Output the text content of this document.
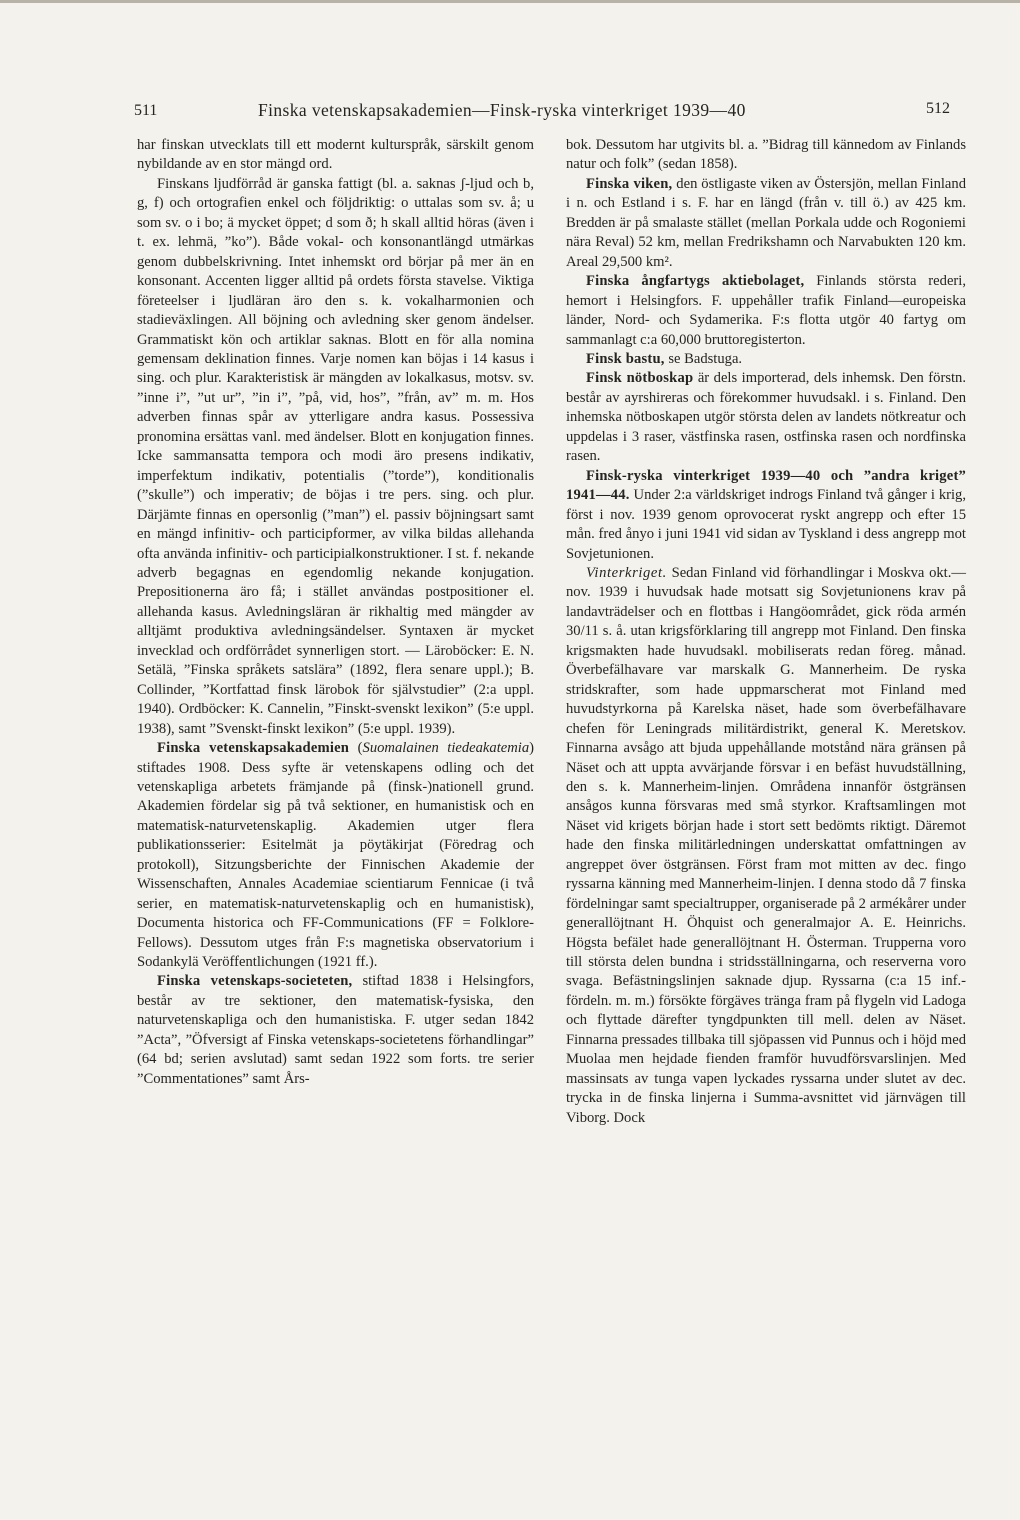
511	Finska vetenskapsakademien—Finsk-ryska vinterkriget 1939—40	512

har finskan utvecklats till ett modernt kulturspråk, särskilt genom nybildande av en stor mängd ord.

Finskans ljudförråd är ganska fattigt (bl. a. saknas ʃ-ljud och b, g, f) och ortografien enkel och följdriktig: o uttalas som sv. å; u som sv. o i bo; ä mycket öppet; d som ð; h skall alltid höras (även i t. ex. lehmä, ”ko”). Både vokal- och konsonantlängd utmärkas genom dubbelskrivning. Intet inhemskt ord börjar på mer än en konsonant. Accenten ligger alltid på ordets första stavelse. Viktiga företeelser i ljudläran äro den s. k. vokalharmonien och stadieväxlingen. All böjning och avledning sker genom ändelser. Grammatiskt kön och artiklar saknas. Blott en för alla nomina gemensam deklination finnes. Varje nomen kan böjas i 14 kasus i sing. och plur. Karakteristisk är mängden av lokalkasus, motsv. sv. ”inne i”, ”ut ur”, ”in i”, ”på, vid, hos”, ”från, av” m. m. Hos adverben finnas spår av ytterligare andra kasus. Possessiva pronomina ersättas vanl. med ändelser. Blott en konjugation finnes. Icke sammansatta tempora och modi äro presens indikativ, imperfektum indikativ, potentialis (”torde”), konditionalis (”skulle”) och imperativ; de böjas i tre pers. sing. och plur. Därjämte finnas en opersonlig (”man”) el. passiv böjningsart samt en mängd infinitiv- och participformer, av vilka bildas allehanda ofta använda infinitiv- och participialkonstruktioner. I st. f. nekande adverb begagnas en egendomlig nekande konjugation. Prepositionerna äro få; i stället användas postpositioner el. allehanda kasus. Avledningsläran är rikhaltig med mängder av alltjämt produktiva avledningsändelser. Syntaxen är mycket invecklad och ordförrådet synnerligen stort. — Läroböcker: E. N. Setälä, ”Finska språkets satslära” (1892, flera senare uppl.); B. Collinder, ”Kortfattad finsk lärobok för självstudier” (2:a uppl. 1940). Ordböcker: K. Cannelin, ”Finskt-svenskt lexikon” (5:e uppl. 1938), samt ”Svenskt-finskt lexikon” (5:e uppl. 1939).

Finska vetenskapsakademien (Suomalainen tiedeakatemia) stiftades 1908. Dess syfte är vetenskapens odling och det vetenskapliga arbetets främjande på (finsk-)nationell grund. Akademien fördelar sig på två sektioner, en humanistisk och en matematisk-naturvetenskaplig. Akademien utger flera publikationsserier: Esitelmät ja pöytäkirjat (Föredrag och protokoll), Sitzungsberichte der Finnischen Akademie der Wissenschaften, Annales Academiae scientiarum Fennicae (i två serier, en matematisk-naturvetenskaplig och en humanistisk), Documenta historica och FF-Communications (FF = Folklore-Fellows). Dessutom utges från F:s magnetiska observatorium i Sodankylä Veröffentlichungen (1921 ff.).

Finska vetenskaps-societeten, stiftad 1838 i Helsingfors, består av tre sektioner, den matematisk-fysiska, den naturvetenskapliga och den humanistiska. F. utger sedan 1842 ”Acta”, ”Öfversigt af Finska vetenskaps-societetens förhandlingar” (64 bd; serien avslutad) samt sedan 1922 som forts. tre serier ”Commentationes” samt Års-

bok. Dessutom har utgivits bl. a. ”Bidrag till kännedom av Finlands natur och folk” (sedan 1858).

Finska viken, den östligaste viken av Östersjön, mellan Finland i n. och Estland i s. F. har en längd (från v. till ö.) av 425 km. Bredden är på smalaste stället (mellan Porkala udde och Rogoniemi nära Reval) 52 km, mellan Fredrikshamn och Narvabukten 120 km. Areal 29,500 km².

Finska ångfartygs aktiebolaget, Finlands största rederi, hemort i Helsingfors. F. uppehåller trafik Finland—europeiska länder, Nord- och Sydamerika. F:s flotta utgör 40 fartyg om sammanlagt c:a 60,000 bruttoregisterton.

Finsk bastu, se Badstuga.

Finsk nötboskap är dels importerad, dels inhemsk. Den förstn. består av ayrshireras och förekommer huvudsakl. i s. Finland. Den inhemska nötboskapen utgör största delen av landets nötkreatur och uppdelas i 3 raser, västfinska rasen, ostfinska rasen och nordfinska rasen.

Finsk-ryska vinterkriget 1939—40 och ”andra kriget” 1941—44. Under 2:a världskriget indrogs Finland två gånger i krig, först i nov. 1939 genom oprovocerat ryskt angrepp och efter 15 mån. fred ånyo i juni 1941 vid sidan av Tyskland i dess angrepp mot Sovjetunionen.

Vinterkriget. Sedan Finland vid förhandlingar i Moskva okt.—nov. 1939 i huvudsak hade motsatt sig Sovjetunionens krav på landavträdelser och en flottbas i Hangöområdet, gick röda armén 30/11 s. å. utan krigsförklaring till angrepp mot Finland. Den finska krigsmakten hade huvudsakl. mobiliserats redan föreg. månad. Överbefälhavare var marskalk G. Mannerheim. De ryska stridskrafter, som hade uppmarscherat mot Finland med huvudstyrkorna på Karelska näset, hade som överbefälhavare chefen för Leningrads militärdistrikt, general K. Meretskov. Finnarna avsågo att bjuda uppehållande motstånd nära gränsen på Näset och att uppta avvärjande försvar i en befäst huvudställning, den s. k. Mannerheim-linjen. Områdena innanför östgränsen ansågos kunna försvaras med små styrkor. Kraftsamlingen mot Näset vid krigets början hade i stort sett bedömts riktigt. Däremot hade den finska militärledningen underskattat omfattningen av angreppet över östgränsen. Först fram mot mitten av dec. fingo ryssarna känning med Mannerheim-linjen. I denna stodo då 7 finska fördelningar samt specialtrupper, organiserade på 2 armékårer under generallöjtnant H. Öhquist och generalmajor A. E. Heinrichs. Högsta befälet hade generallöjtnant H. Österman. Trupperna voro till största delen bundna i stridsställningarna, och reserverna voro svaga. Befästningslinjen saknade djup. Ryssarna (c:a 15 inf.-fördeln. m. m.) försökte förgäves tränga fram på flygeln vid Ladoga och flyttade därefter tyngdpunkten till mell. delen av Näset. Finnarna pressades tillbaka till sjöpassen vid Punnus och i höjd med Muolaa men hejdade fienden framför huvudförsvarslinjen. Med massinsats av tunga vapen lyckades ryssarna under slutet av dec. trycka in de finska linjerna i Summa-avsnittet vid järnvägen till Viborg. Dock
